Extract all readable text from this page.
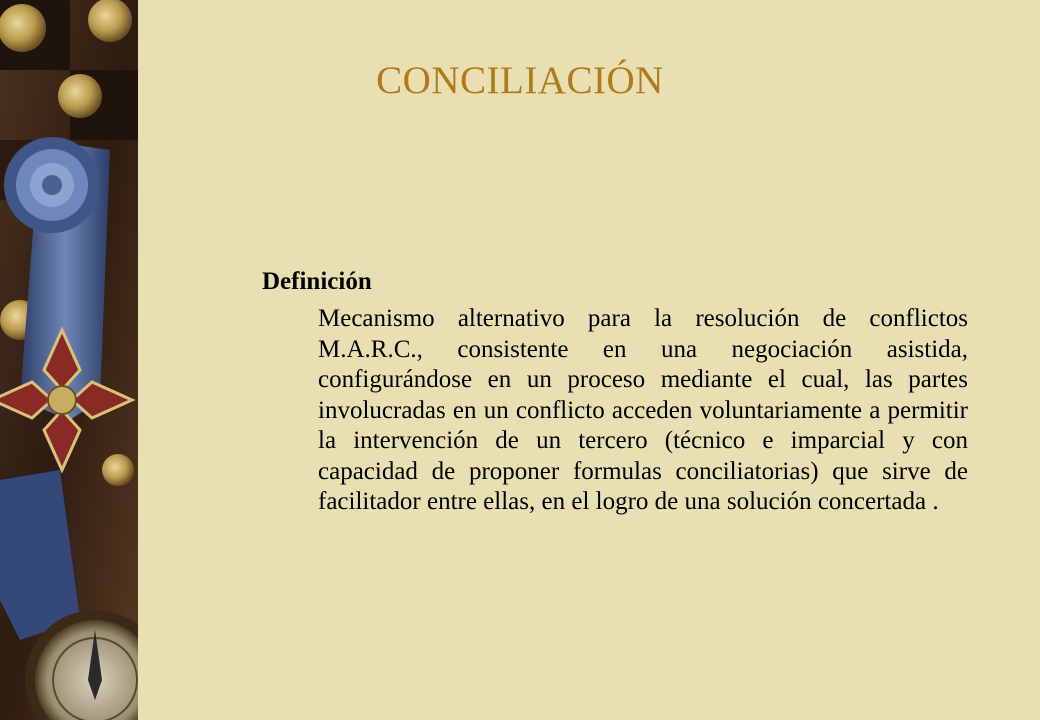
CONCILIACIÓN

Definición

Mecanismo alternativo para la resolución de conflictos M.A.R.C., consistente en una negociación asistida, configurándose en un proceso mediante el cual, las partes involucradas en un conflicto acceden voluntariamente a permitir la intervención de un tercero (técnico e imparcial y con capacidad de proponer formulas conciliatorias) que sirve de facilitador entre ellas, en el logro de una solución concertada .
